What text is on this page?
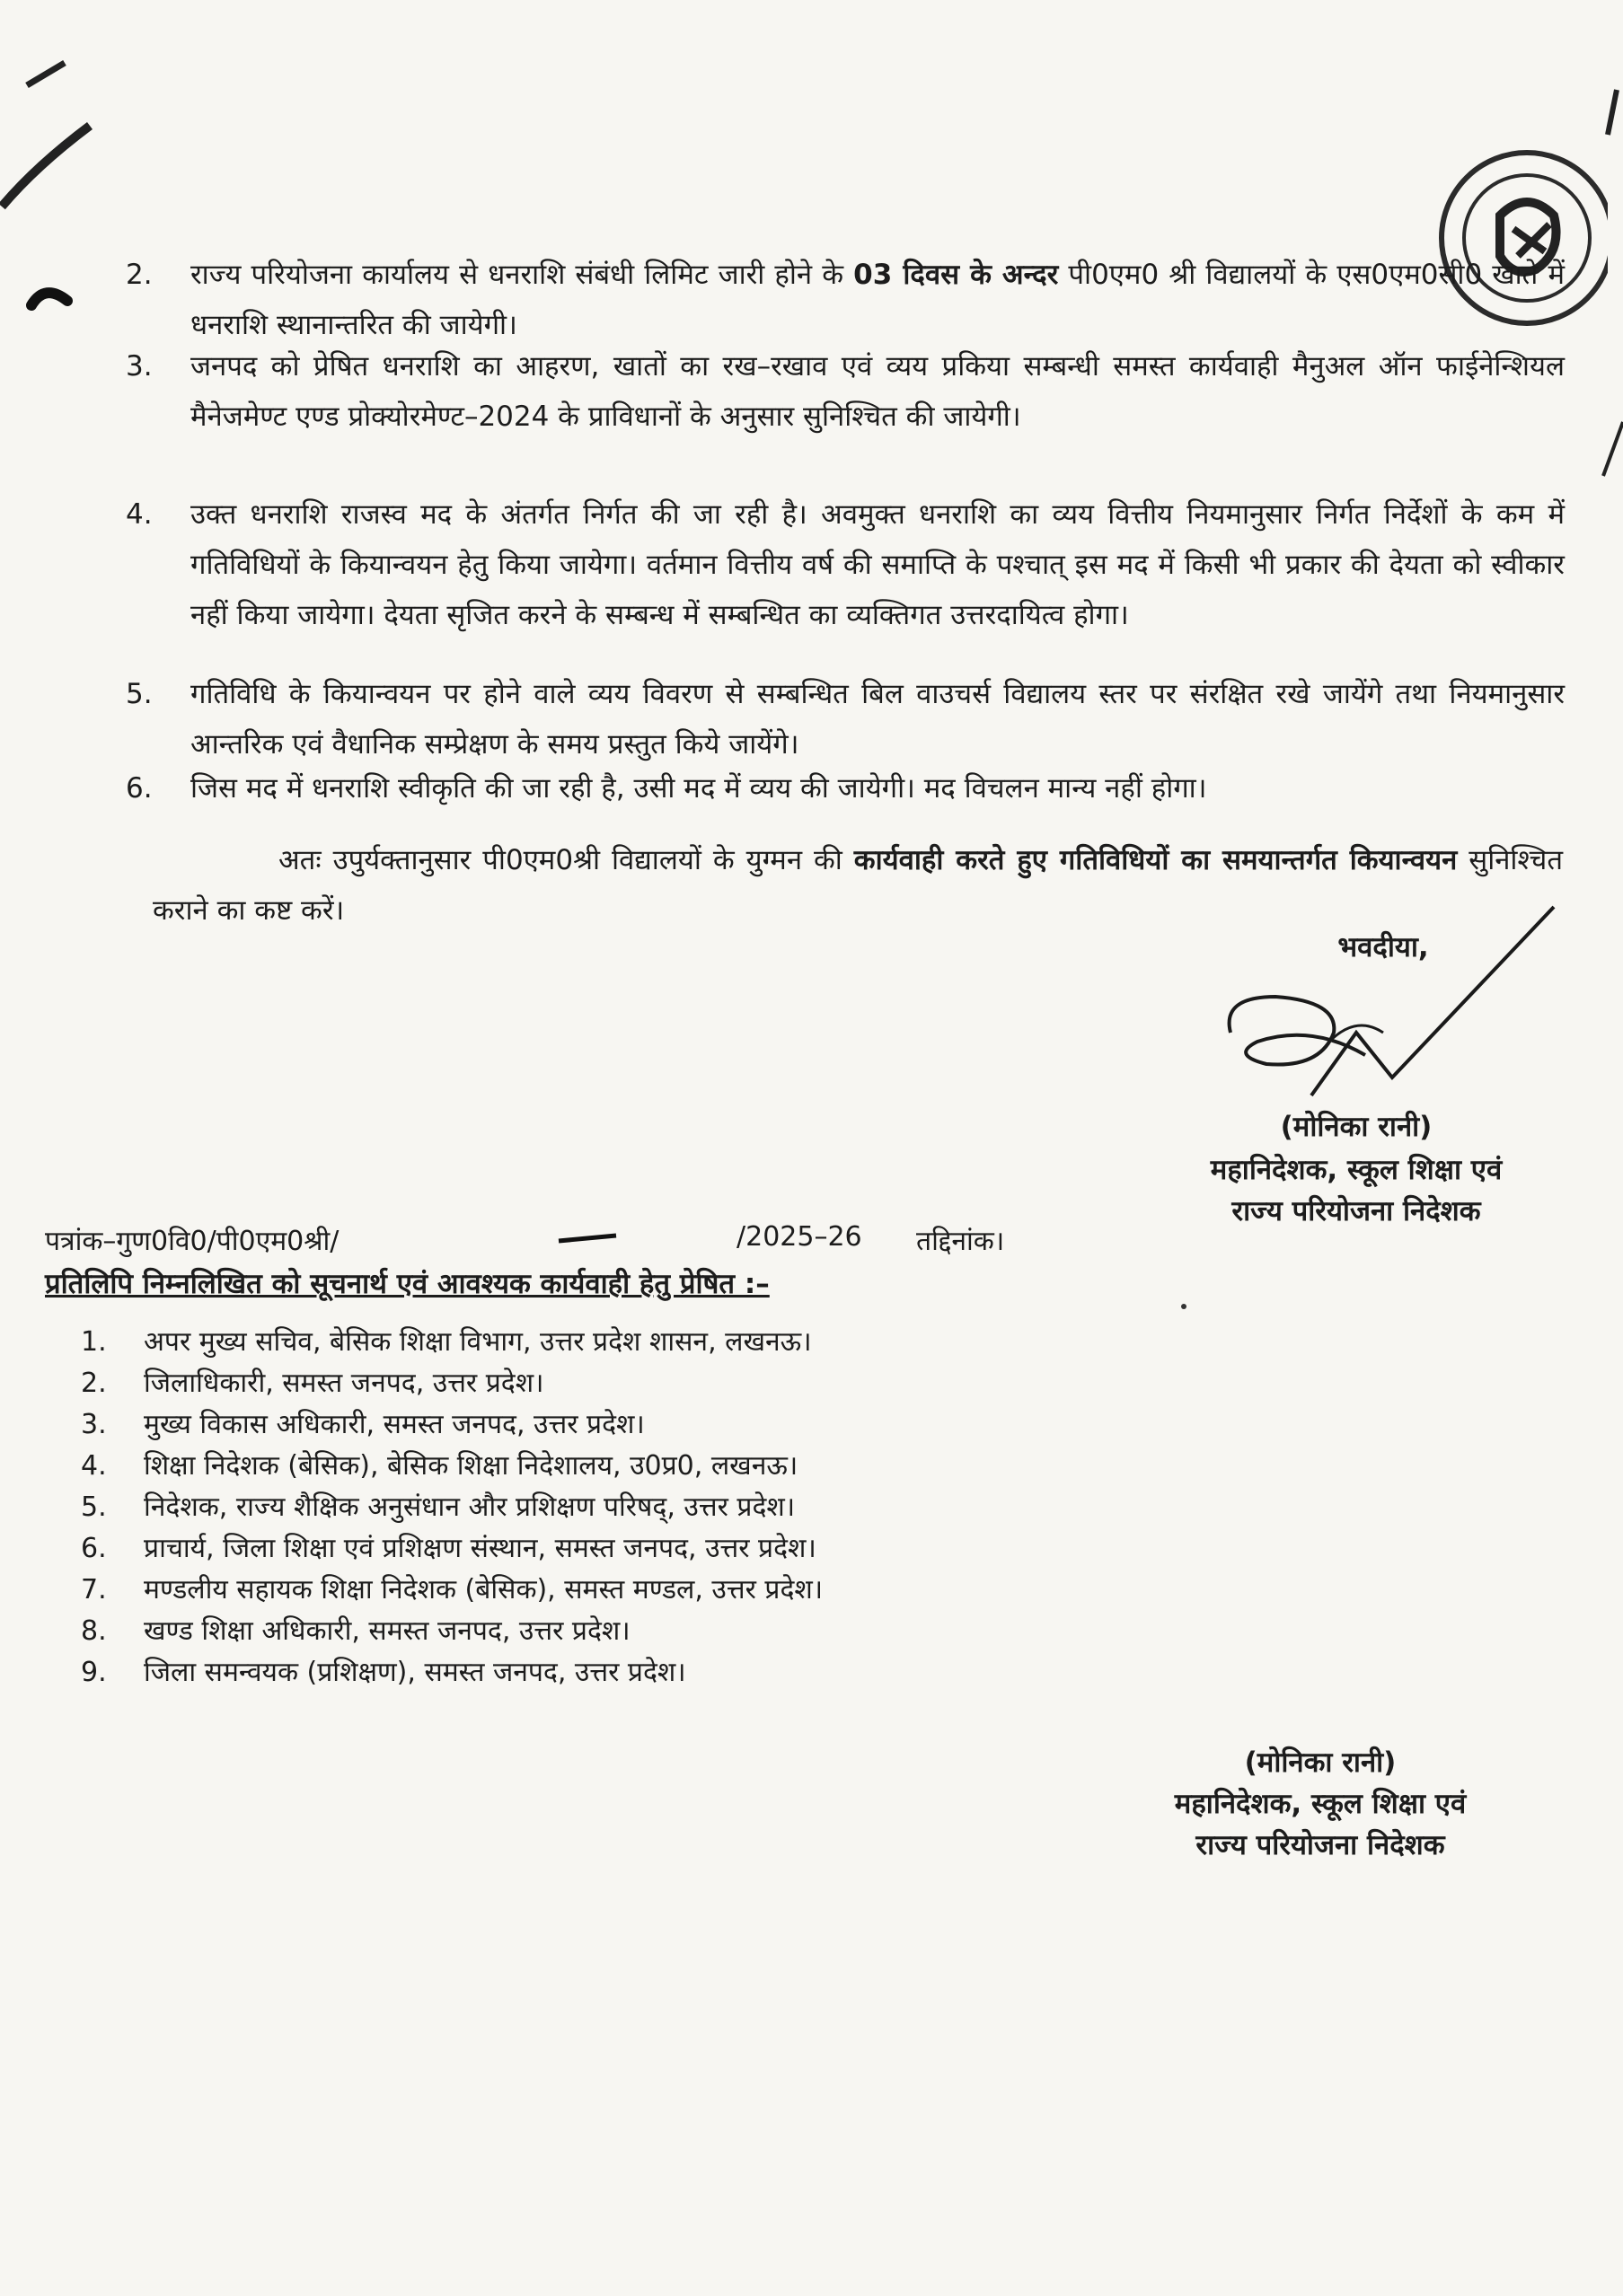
2.	राज्य परियोजना कार्यालय से धनराशि संबंधी लिमिट जारी होने के 03 दिवस के अन्दर पी0एम0 श्री विद्यालयों के एस0एम0सी0 खाते में धनराशि स्थानान्तरित की जायेगी।
3.	जनपद को प्रेषित धनराशि का आहरण, खातों का रख–रखाव एवं व्यय प्रकिया सम्बन्धी समस्त कार्यवाही मैनुअल ऑन फाईनेन्शियल मैनेजमेण्ट एण्ड प्रोक्योरमेण्ट–2024 के प्राविधानों के अनुसार सुनिश्चित की जायेगी।
4.	उक्त धनराशि राजस्व मद के अंतर्गत निर्गत की जा रही है। अवमुक्त धनराशि का व्यय वित्तीय नियमानुसार निर्गत निर्देशों के कम में गतिविधियों के कियान्वयन हेतु किया जायेगा। वर्तमान वित्तीय वर्ष की समाप्ति के पश्चात् इस मद में किसी भी प्रकार की देयता को स्वीकार नहीं किया जायेगा। देयता सृजित करने के सम्बन्ध में सम्बन्धित का व्यक्तिगत उत्तरदायित्व होगा।
5.	गतिविधि के कियान्वयन पर होने वाले व्यय विवरण से सम्बन्धित बिल वाउचर्स विद्यालय स्तर पर संरक्षित रखे जायेंगे तथा नियमानुसार आन्तरिक एवं वैधानिक सम्प्रेक्षण के समय प्रस्तुत किये जायेंगे।
6.	जिस मद में धनराशि स्वीकृति की जा रही है, उसी मद में व्यय की जायेगी। मद विचलन मान्य नहीं होगा।
अतः उपुर्यक्तानुसार पी0एम0श्री विद्यालयों के युग्मन की कार्यवाही करते हुए गतिविधियों का समयान्तर्गत कियान्वयन सुनिश्चित कराने का कष्ट करें।
भवदीया,
(मोनिका रानी)
महानिदेशक, स्कूल शिक्षा एवं
राज्य परियोजना निदेशक
पत्रांक–गुण0वि0/पी0एम0श्री/	/2025–26 तद्दिनांक।
प्रतिलिपि निम्नलिखित को सूचनार्थ एवं आवश्यक कार्यवाही हेतु प्रेषित :–
1.	अपर मुख्य सचिव, बेसिक शिक्षा विभाग, उत्तर प्रदेश शासन, लखनऊ।
2.	जिलाधिकारी, समस्त जनपद, उत्तर प्रदेश।
3.	मुख्य विकास अधिकारी, समस्त जनपद, उत्तर प्रदेश।
4.	शिक्षा निदेशक (बेसिक), बेसिक शिक्षा निदेशालय, उ0प्र0, लखनऊ।
5.	निदेशक, राज्य शैक्षिक अनुसंधान और प्रशिक्षण परिषद्, उत्तर प्रदेश।
6.	प्राचार्य, जिला शिक्षा एवं प्रशिक्षण संस्थान, समस्त जनपद, उत्तर प्रदेश।
7.	मण्डलीय सहायक शिक्षा निदेशक (बेसिक), समस्त मण्डल, उत्तर प्रदेश।
8.	खण्ड शिक्षा अधिकारी, समस्त जनपद, उत्तर प्रदेश।
9.	जिला समन्वयक (प्रशिक्षण), समस्त जनपद, उत्तर प्रदेश।
(मोनिका रानी)
महानिदेशक, स्कूल शिक्षा एवं
राज्य परियोजना निदेशक
